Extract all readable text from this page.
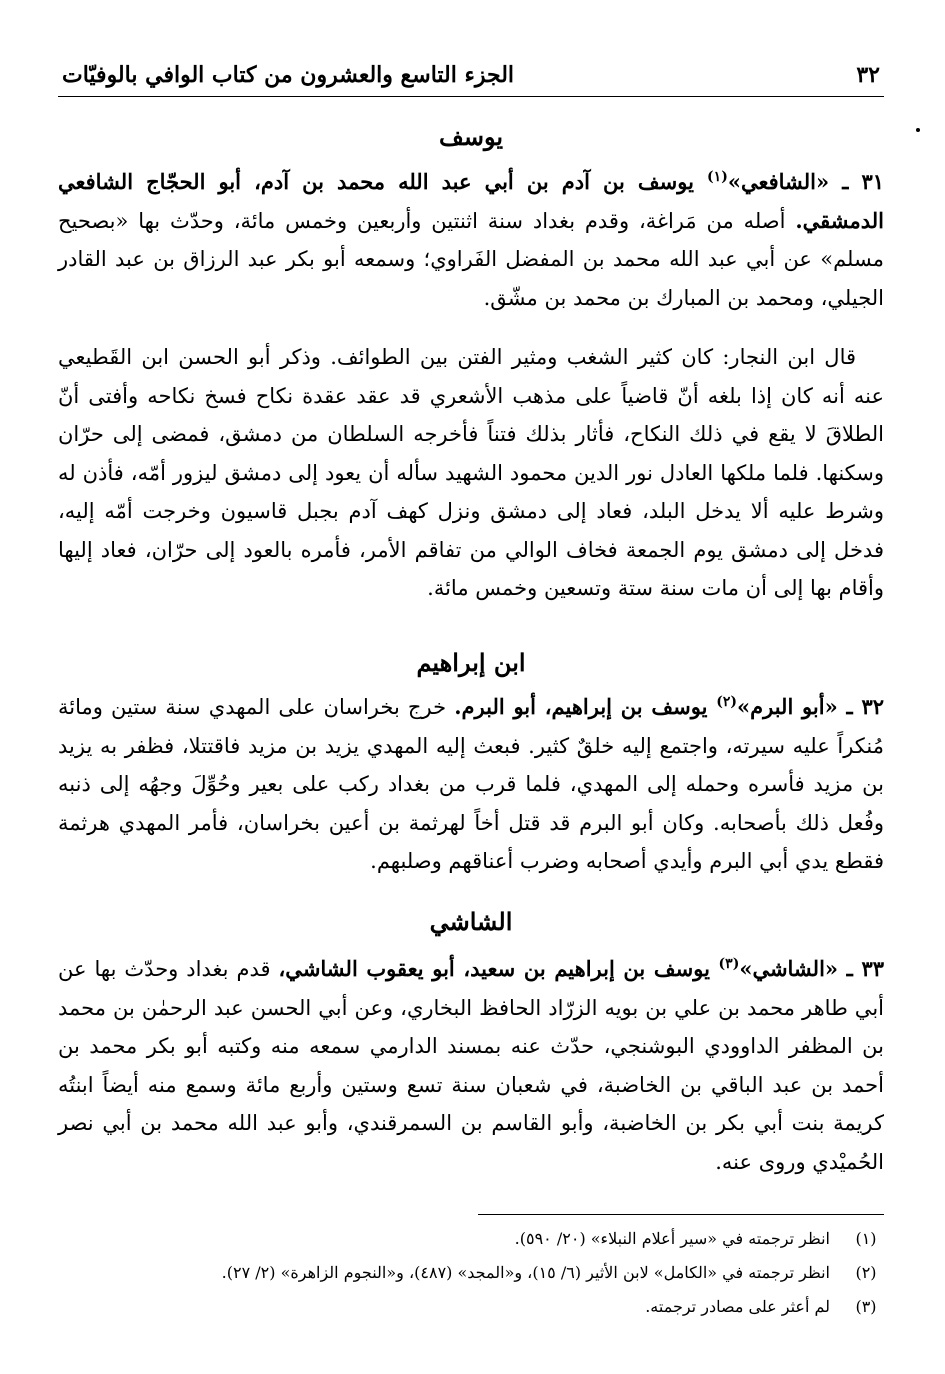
٣٢
الجزء التاسع والعشرون من كتاب الوافي بالوفيّات
يوسف

٣١ ـ «الشافعي»$^{(١)}$ يوسف بن آدم بن أبي عبد الله محمد بن آدم، أبو الحجّاج الشافعي الدمشقي. أصله من مَراغة، وقدم بغداد سنة اثنتين وأربعين وخمس مائة، وحدّث بها «بصحيح مسلم» عن أبي عبد الله محمد بن المفضل الفَراوي؛ وسمعه أبو بكر عبد الرزاق بن عبد القادر الجيلي، ومحمد بن المبارك بن محمد بن مشّق.

قال ابن النجار: كان كثير الشغب ومثير الفتن بين الطوائف. وذكر أبو الحسن ابن القَطيعي عنه أنه كان إذا بلغه أنّ قاضياً على مذهب الأشعري قد عقد عقدة نكاح فسخ نكاحه وأفتى أنّ الطلاقَ لا يقع في ذلك النكاح، فأثار بذلك فتناً فأخرجه السلطان من دمشق، فمضى إلى حرّان وسكنها. فلما ملكها العادل نور الدين محمود الشهيد سأله أن يعود إلى دمشق ليزور أمّه، فأذن له وشرط عليه ألا يدخل البلد، فعاد إلى دمشق ونزل كهف آدم بجبل قاسيون وخرجت أمّه إليه، فدخل إلى دمشق يوم الجمعة فخاف الوالي من تفاقم الأمر، فأمره بالعود إلى حرّان، فعاد إليها وأقام بها إلى أن مات سنة ستة وتسعين وخمس مائة.

ابن إبراهيم

٣٢ ـ «أبو البرم»$^{(٢)}$ يوسف بن إبراهيم، أبو البرم. خرج بخراسان على المهدي سنة ستين ومائة مُنكراً عليه سيرته، واجتمع إليه خلقٌ كثير. فبعث إليه المهدي يزيد بن مزيد فاقتتلا، فظفر به يزيد بن مزيد فأسره وحمله إلى المهدي، فلما قرب من بغداد ركب على بعير وحُوِّلَ وجهُه إلى ذنبه وفُعل ذلك بأصحابه. وكان أبو البرم قد قتل أخاً لهرثمة بن أعين بخراسان، فأمر المهدي هرثمة فقطع يدي أبي البرم وأيدي أصحابه وضرب أعناقهم وصلبهم.

الشاشي

٣٣ ـ «الشاشي»$^{(٣)}$ يوسف بن إبراهيم بن سعيد، أبو يعقوب الشاشي، قدم بغداد وحدّث بها عن أبي طاهر محمد بن علي بن بويه الزرّاد الحافظ البخاري، وعن أبي الحسن عبد الرحمٰن بن محمد بن المظفر الداوودي البوشنجي، حدّث عنه بمسند الدارمي سمعه منه وكتبه أبو بكر محمد بن أحمد بن عبد الباقي بن الخاضبة، في شعبان سنة تسع وستين وأربع مائة وسمع منه أيضاً ابنتُه كريمة بنت أبي بكر بن الخاضبة، وأبو القاسم بن السمرقندي، وأبو عبد الله محمد بن أبي نصر الحُميْدي وروى عنه.

(١)
انظر ترجمته في «سير أعلام النبلاء» (٢٠/ ٥٩٠).
(٢)
انظر ترجمته في «الكامل» لابن الأثير (٦/ ١٥)، و«المجد» (٤٨٧)، و«النجوم الزاهرة» (٢/ ٢٧).
(٣)
لم أعثر على مصادر ترجمته.
